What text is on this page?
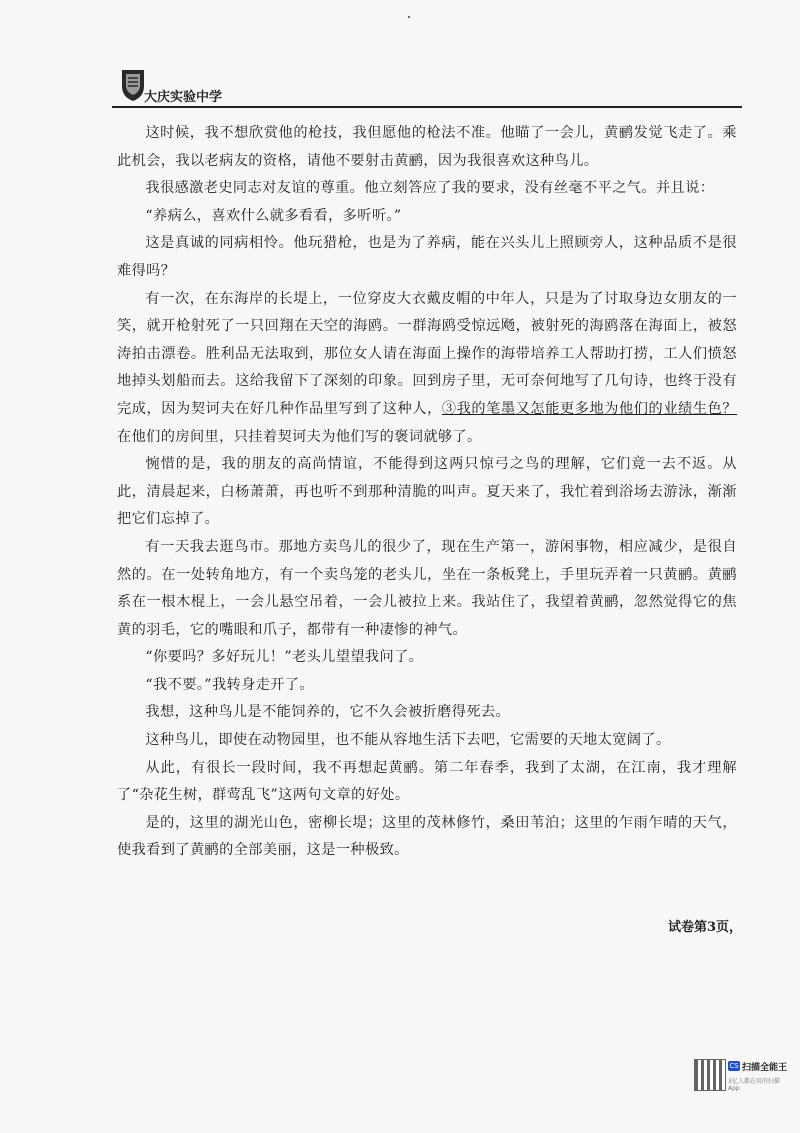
大庆实验中学

这时候，我不想欣赏他的枪技，我但愿他的枪法不准。他瞄了一会儿，黄鹂发觉飞走了。乘此机会，我以老病友的资格，请他不要射击黄鹂，因为我很喜欢这种鸟儿。

我很感激老史同志对友谊的尊重。他立刻答应了我的要求，没有丝毫不平之气。并且说：

“养病么，喜欢什么就多看看，多听听。”

这是真诚的同病相怜。他玩猎枪，也是为了养病，能在兴头儿上照顾旁人，这种品质不是很难得吗？

有一次，在东海岸的长堤上，一位穿皮大衣戴皮帽的中年人，只是为了讨取身边女朋友的一笑，就开枪射死了一只回翔在天空的海鸥。一群海鸥受惊远飏，被射死的海鸥落在海面上，被怒涛拍击漂卷。胜利品无法取到，那位女人请在海面上操作的海带培养工人帮助打捞，工人们愤怒地掉头划船而去。这给我留下了深刻的印象。回到房子里，无可奈何地写了几句诗，也终于没有完成，因为契诃夫在好几种作品里写到了这种人，③我的笔墨又怎能更多地为他们的业绩生色？在他们的房间里，只挂着契诃夫为他们写的褒词就够了。

惋惜的是，我的朋友的高尚情谊，不能得到这两只惊弓之鸟的理解，它们竟一去不返。从此，清晨起来，白杨萧萧，再也听不到那种清脆的叫声。夏天来了，我忙着到浴场去游泳，渐渐把它们忘掉了。

有一天我去逛鸟市。那地方卖鸟儿的很少了，现在生产第一，游闲事物，相应减少，是很自然的。在一处转角地方，有一个卖鸟笼的老头儿，坐在一条板凳上，手里玩弄着一只黄鹂。黄鹂系在一根木棍上，一会儿悬空吊着，一会儿被拉上来。我站住了，我望着黄鹂，忽然觉得它的焦黄的羽毛，它的嘴眼和爪子，都带有一种凄惨的神气。

“你要吗？多好玩儿！”老头儿望望我问了。

“我不要。”我转身走开了。

我想，这种鸟儿是不能饲养的，它不久会被折磨得死去。

这种鸟儿，即使在动物园里，也不能从容地生活下去吧，它需要的天地太宽阔了。

从此，有很长一段时间，我不再想起黄鹂。第二年春季，我到了太湖，在江南，我才理解了“杂花生树，群莺乱飞”这两句文章的好处。

是的，这里的湖光山色，密柳长堤；这里的茂林修竹，桑田苇泊；这里的乍雨乍晴的天气，使我看到了黄鹂的全部美丽，这是一种极致。

试卷第3页，
CS 扫描全能王
3亿人都在用的扫描App
